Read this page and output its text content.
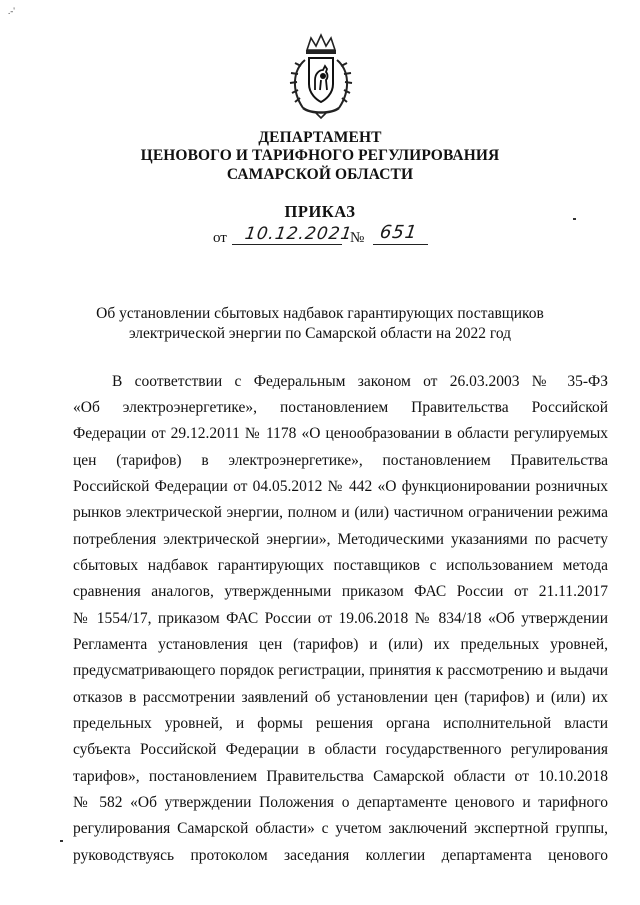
.-'
ДЕПАРТАМЕНТ
ЦЕНОВОГО И ТАРИФНОГО РЕГУЛИРОВАНИЯ
САМАРСКОЙ ОБЛАСТИ
ПРИКАЗ
от 10.12.2021
№ 651
Об установлении сбытовых надбавок гарантирующих поставщиков
электрической энергии по Самарской области на 2022 год
В соответствии с Федеральным законом от 26.03.2003 № 35-ФЗ
«Об электроэнергетике», постановлением Правительства Российской
Федерации от 29.12.2011 № 1178 «О ценообразовании в области регулируемых
цен (тарифов) в электроэнергетике», постановлением Правительства
Российской Федерации от 04.05.2012 № 442 «О функционировании розничных
рынков электрической энергии, полном и (или) частичном ограничении режима
потребления электрической энергии», Методическими указаниями по расчету
сбытовых надбавок гарантирующих поставщиков с использованием метода
сравнения аналогов, утвержденными приказом ФАС России от 21.11.2017
№ 1554/17, приказом ФАС России от 19.06.2018 № 834/18 «Об утверждении
Регламента установления цен (тарифов) и (или) их предельных уровней,
предусматривающего порядок регистрации, принятия к рассмотрению и выдачи
отказов в рассмотрении заявлений об установлении цен (тарифов) и (или) их
предельных уровней, и формы решения органа исполнительной власти
субъекта Российской Федерации в области государственного регулирования
тарифов», постановлением Правительства Самарской области от 10.10.2018
№ 582 «Об утверждении Положения о департаменте ценового и тарифного
регулирования Самарской области» с учетом заключений экспертной группы,
руководствуясь протоколом заседания коллегии департамента ценового
